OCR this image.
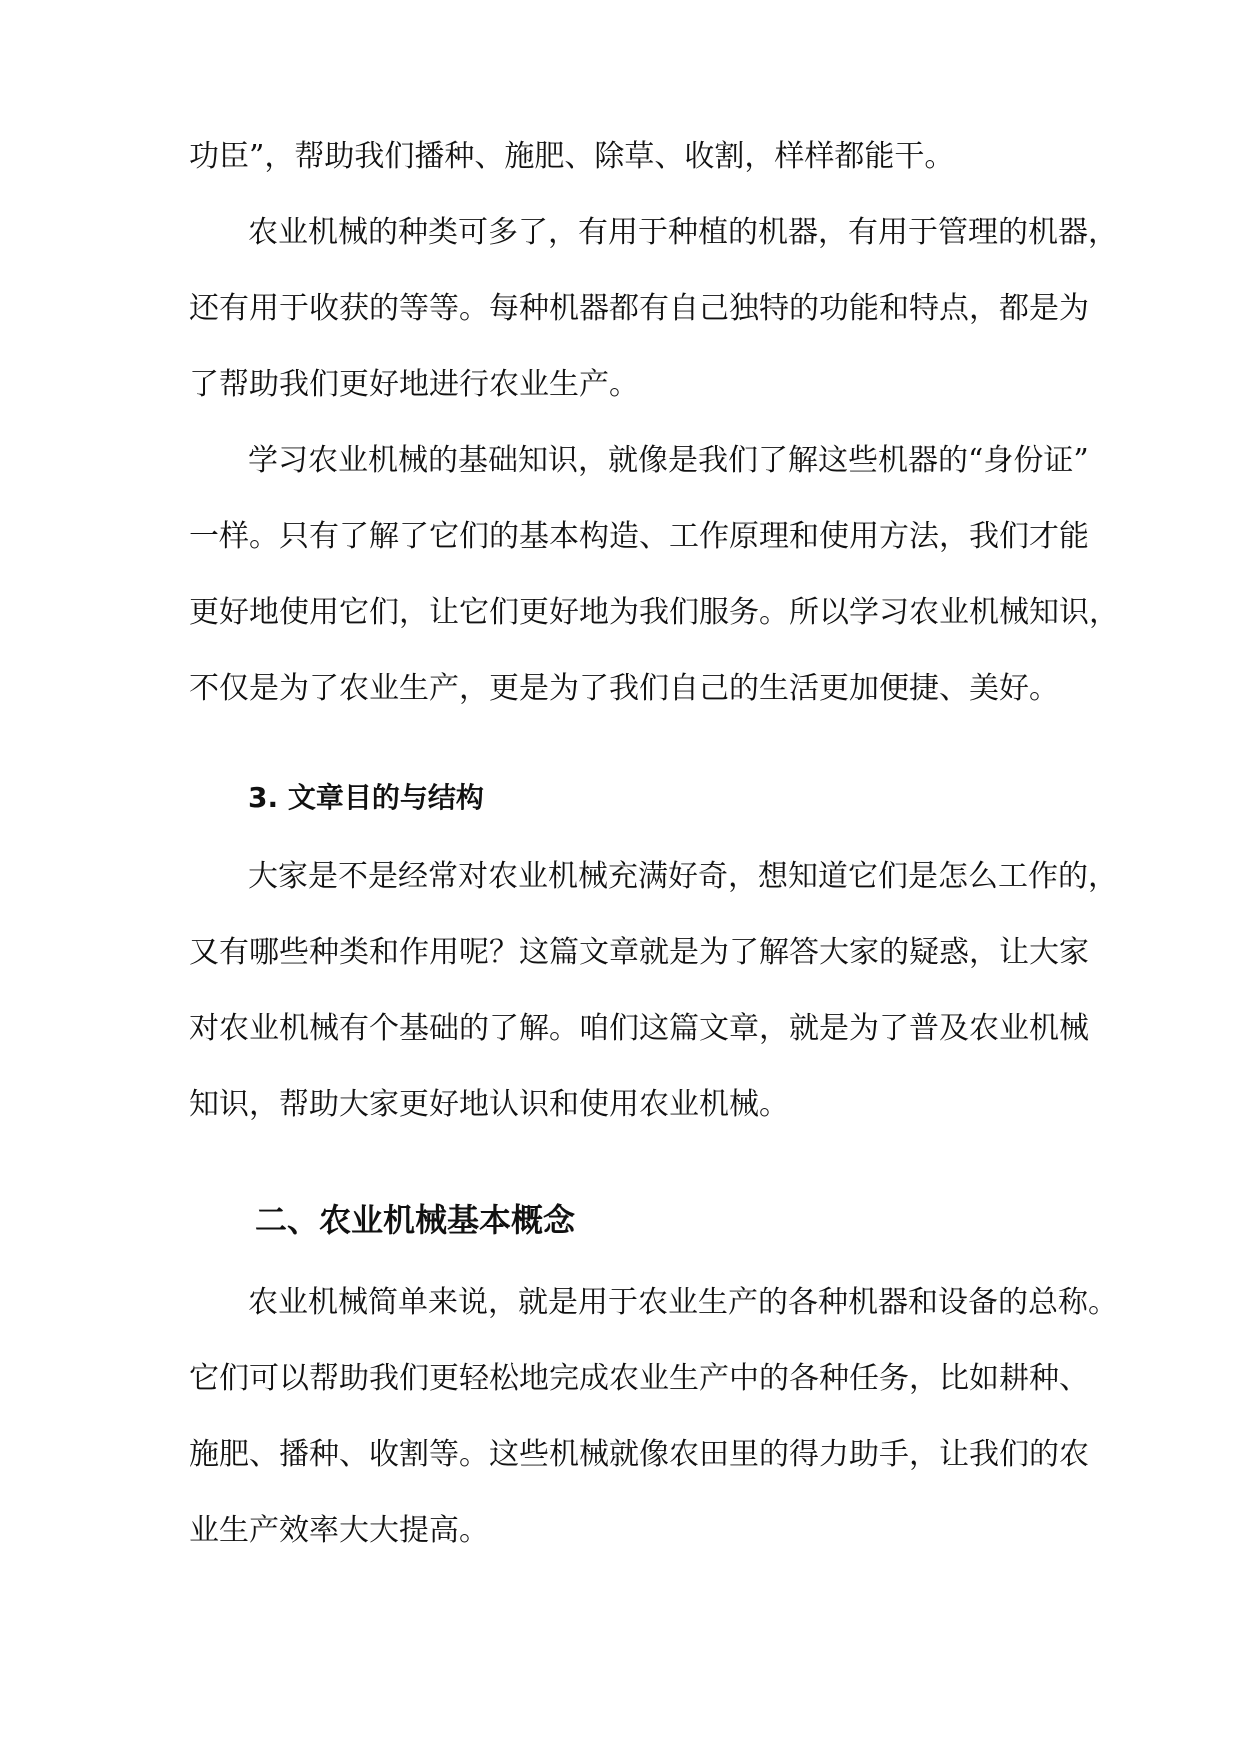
功臣”，帮助我们播种、施肥、除草、收割，样样都能干。
农业机械的种类可多了，有用于种植的机器，有用于管理的机器，
还有用于收获的等等。每种机器都有自己独特的功能和特点，都是为
了帮助我们更好地进行农业生产。
学习农业机械的基础知识，就像是我们了解这些机器的“身份证”
一样。只有了解了它们的基本构造、工作原理和使用方法，我们才能
更好地使用它们，让它们更好地为我们服务。所以学习农业机械知识，
不仅是为了农业生产，更是为了我们自己的生活更加便捷、美好。
3. 文章目的与结构
大家是不是经常对农业机械充满好奇，想知道它们是怎么工作的，
又有哪些种类和作用呢？这篇文章就是为了解答大家的疑惑，让大家
对农业机械有个基础的了解。咱们这篇文章，就是为了普及农业机械
知识，帮助大家更好地认识和使用农业机械。
二、农业机械基本概念
农业机械简单来说，就是用于农业生产的各种机器和设备的总称。
它们可以帮助我们更轻松地完成农业生产中的各种任务，比如耕种、
施肥、播种、收割等。这些机械就像农田里的得力助手，让我们的农
业生产效率大大提高。
